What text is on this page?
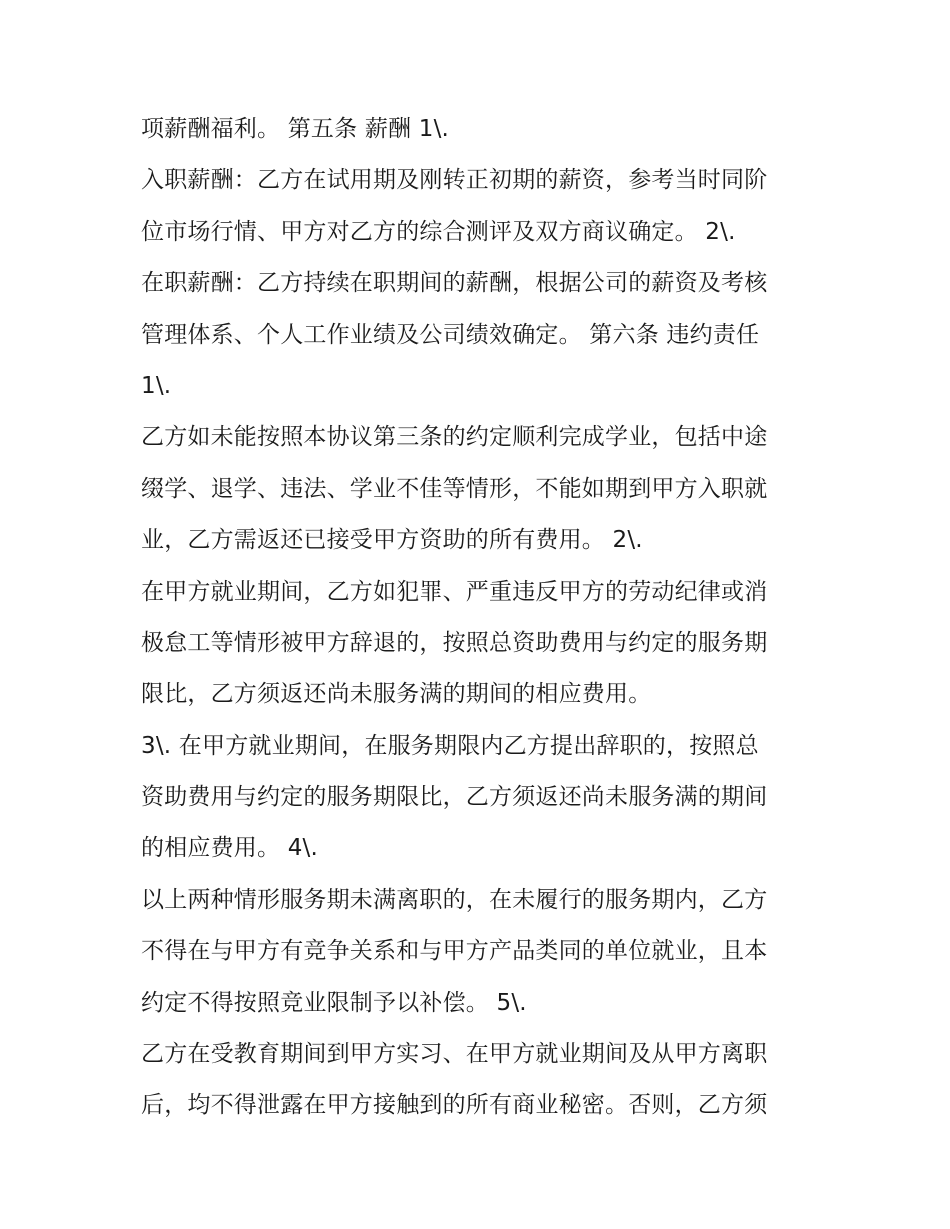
项薪酬福利。 第五条 薪酬 1\.
入职薪酬：乙方在试用期及刚转正初期的薪资，参考当时同阶
位市场行情、甲方对乙方的综合测评及双方商议确定。 2\.
在职薪酬：乙方持续在职期间的薪酬，根据公司的薪资及考核
管理体系、个人工作业绩及公司绩效确定。 第六条 违约责任
1\.
乙方如未能按照本协议第三条的约定顺利完成学业，包括中途
缀学、退学、违法、学业不佳等情形，不能如期到甲方入职就
业，乙方需返还已接受甲方资助的所有费用。 2\.
在甲方就业期间，乙方如犯罪、严重违反甲方的劳动纪律或消
极怠工等情形被甲方辞退的，按照总资助费用与约定的服务期
限比，乙方须返还尚未服务满的期间的相应费用。
3\. 在甲方就业期间，在服务期限内乙方提出辞职的，按照总
资助费用与约定的服务期限比，乙方须返还尚未服务满的期间
的相应费用。 4\.
以上两种情形服务期未满离职的，在未履行的服务期内，乙方
不得在与甲方有竞争关系和与甲方产品类同的单位就业，且本
约定不得按照竞业限制予以补偿。 5\.
乙方在受教育期间到甲方实习、在甲方就业期间及从甲方离职
后，均不得泄露在甲方接触到的所有商业秘密。否则，乙方须
